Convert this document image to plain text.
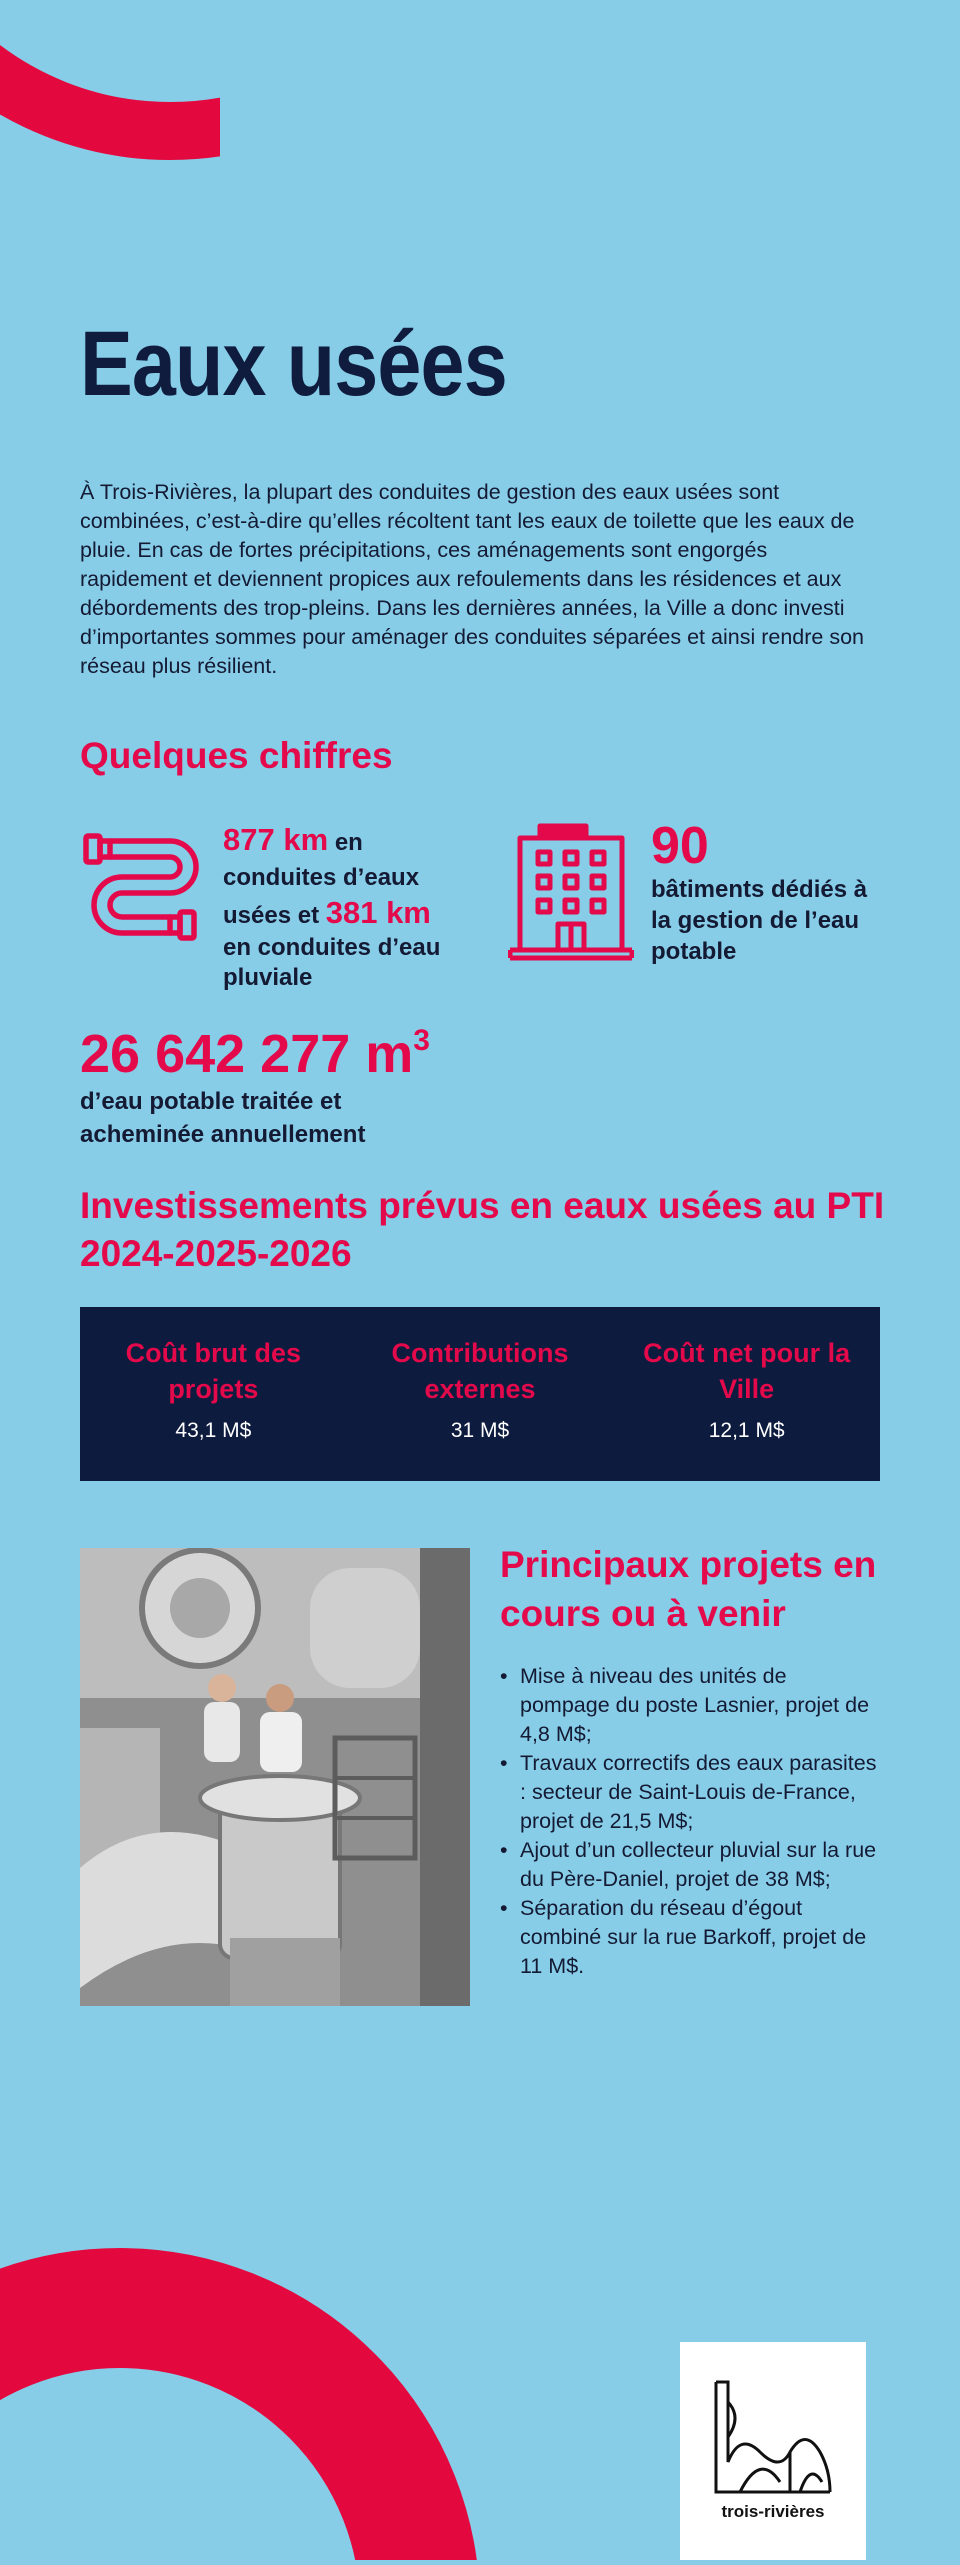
Eaux usées

À Trois-Rivières, la plupart des conduites de gestion des eaux usées sont combinées, c’est-à-dire qu’elles récoltent tant les eaux de toilette que les eaux de pluie. En cas de fortes précipitations, ces aménagements sont engorgés rapidement et deviennent propices aux refoulements dans les résidences et aux débordements des trop-pleins. Dans les dernières années, la Ville a donc investi d’importantes sommes pour aménager des conduites séparées et ainsi rendre son réseau plus résilient.

Quelques chiffres
877 km en
conduites d’eaux
usées et 381 km
en conduites d’eau pluviale
90
bâtiments dédiés à la gestion de l’eau potable
26 642 277 $m^3$
d’eau potable traitée et acheminée annuellement
Investissements prévus en eaux usées au PTI 2024-2025-2026
Coût brut des projets
43,1 M$
Contributions externes
31 M$
Coût net pour la Ville
12,1 M$
Principaux projets en cours ou à venir
• Mise à niveau des unités de pompage du poste Lasnier, projet de 4,8 M$;
• Travaux correctifs des eaux parasites : secteur de Saint-Louis de-France, projet de 21,5 M$;
• Ajout d’un collecteur pluvial sur la rue du Père-Daniel, projet de 38 M$;
• Séparation du réseau d’égout combiné sur la rue Barkoff, projet de 11 M$.
trois-rivières
